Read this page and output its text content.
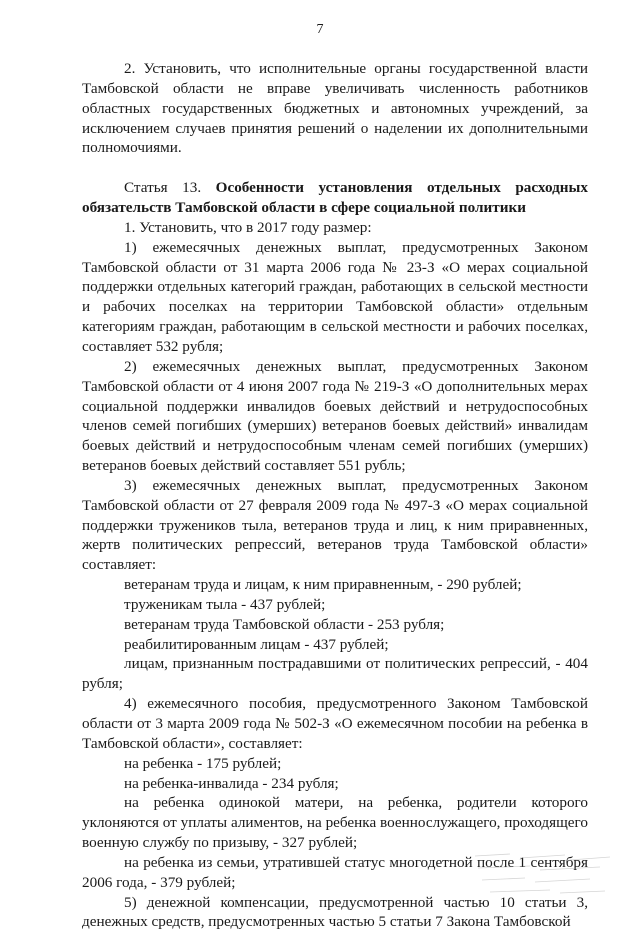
7

2. Установить, что исполнительные органы государственной власти Тамбовской области не вправе увеличивать численность работников областных государственных бюджетных и автономных учреждений, за исключением случаев принятия решений о наделении их дополнительными полномочиями.

Статья 13. Особенности установления отдельных расходных обязательств Тамбовской области в сфере социальной политики

1. Установить, что в 2017 году размер:

1) ежемесячных денежных выплат, предусмотренных Законом Тамбовской области от 31 марта 2006 года № 23-З «О мерах социальной поддержки отдельных категорий граждан, работающих в сельской местности и рабочих поселках на территории Тамбовской области» отдельным категориям граждан, работающим в сельской местности и рабочих поселках, составляет 532 рубля;

2) ежемесячных денежных выплат, предусмотренных Законом Тамбовской области от 4 июня 2007 года № 219-З «О дополнительных мерах социальной поддержки инвалидов боевых действий и нетрудоспособных членов семей погибших (умерших) ветеранов боевых действий» инвалидам боевых действий и нетрудоспособным членам семей погибших (умерших) ветеранов боевых действий составляет 551 рубль;

3) ежемесячных денежных выплат, предусмотренных Законом Тамбовской области от 27 февраля 2009 года № 497-З «О мерах социальной поддержки тружеников тыла, ветеранов труда и лиц, к ним приравненных, жертв политических репрессий, ветеранов труда Тамбовской области» составляет:

ветеранам труда и лицам, к ним приравненным, - 290 рублей;

труженикам тыла - 437 рублей;

ветеранам труда Тамбовской области - 253 рубля;

реабилитированным лицам - 437 рублей;

лицам, признанным пострадавшими от политических репрессий, - 404 рубля;

4) ежемесячного пособия, предусмотренного Законом Тамбовской области от 3 марта 2009 года № 502-З «О ежемесячном пособии на ребенка в Тамбовской области», составляет:

на ребенка - 175 рублей;

на ребенка-инвалида - 234 рубля;

на ребенка одинокой матери, на ребенка, родители которого уклоняются от уплаты алиментов, на ребенка военнослужащего, проходящего военную службу по призыву, - 327 рублей;

на ребенка из семьи, утратившей статус многодетной после 1 сентября 2006 года, - 379 рублей;

5) денежной компенсации, предусмотренной частью 10 статьи 3, денежных средств, предусмотренных частью 5 статьи 7 Закона Тамбовской
